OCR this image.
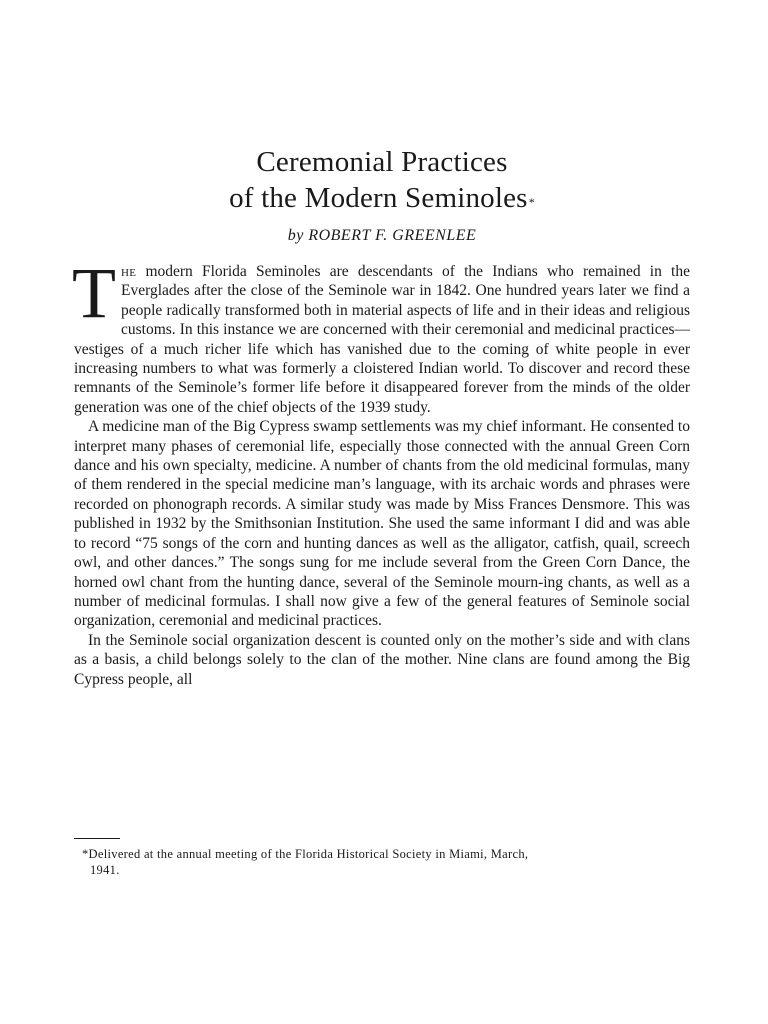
Ceremonial Practices
of the Modern Seminoles*
by ROBERT F. GREENLEE

The modern Florida Seminoles are descendants of the Indians who remained in the Everglades after the close of the Seminole war in 1842. One hundred years later we find a people radically transformed both in material aspects of life and in their ideas and religious customs. In this instance we are concerned with their ceremonial and medicinal practices—vestiges of a much richer life which has vanished due to the coming of white people in ever increasing numbers to what was formerly a cloistered Indian world. To discover and record these remnants of the Seminole’s former life before it disappeared forever from the minds of the older generation was one of the chief objects of the 1939 study.

A medicine man of the Big Cypress swamp settlements was my chief informant. He consented to interpret many phases of ceremonial life, especially those connected with the annual Green Corn dance and his own specialty, medicine. A number of chants from the old medicinal formulas, many of them rendered in the special medicine man’s language, with its archaic words and phrases were recorded on phonograph records. A similar study was made by Miss Frances Densmore. This was published in 1932 by the Smithsonian Institution. She used the same informant I did and was able to record “75 songs of the corn and hunting dances as well as the alligator, catfish, quail, screech owl, and other dances.” The songs sung for me include several from the Green Corn Dance, the horned owl chant from the hunting dance, several of the Seminole mourn-ing chants, as well as a number of medicinal formulas. I shall now give a few of the general features of Seminole social organization, ceremonial and medicinal practices.

In the Seminole social organization descent is counted only on the mother’s side and with clans as a basis, a child belongs solely to the clan of the mother. Nine clans are found among the Big Cypress people, all

*Delivered at the annual meeting of the Florida Historical Society in Miami, March,
1941.
